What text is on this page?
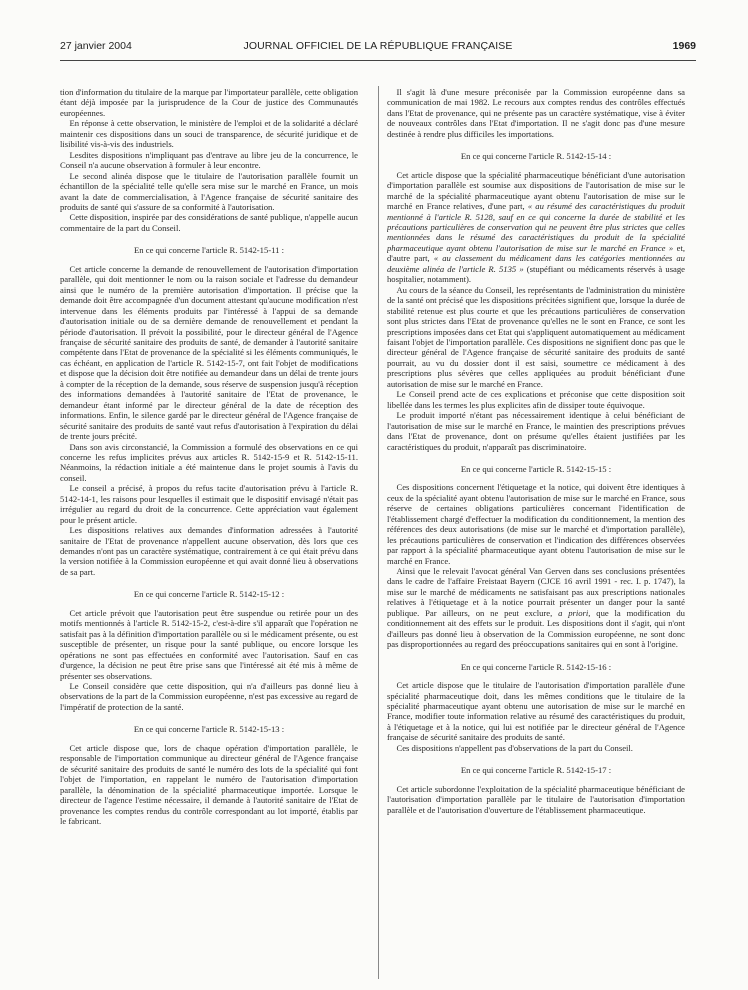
27 janvier 2004	JOURNAL OFFICIEL DE LA RÉPUBLIQUE FRANÇAISE	1969

tion d'information du titulaire de la marque par l'importateur parallèle, cette obligation étant déjà imposée par la jurisprudence de la Cour de justice des Communautés européennes.

En réponse à cette observation, le ministère de l'emploi et de la solidarité a déclaré maintenir ces dispositions dans un souci de transparence, de sécurité juridique et de lisibilité vis-à-vis des industriels.

Lesdites dispositions n'impliquant pas d'entrave au libre jeu de la concurrence, le Conseil n'a aucune observation à formuler à leur encontre.

Le second alinéa dispose que le titulaire de l'autorisation parallèle fournit un échantillon de la spécialité telle qu'elle sera mise sur le marché en France, un mois avant la date de commercialisation, à l'Agence française de sécurité sanitaire des produits de santé qui s'assure de sa conformité à l'autorisation.

Cette disposition, inspirée par des considérations de santé publique, n'appelle aucun commentaire de la part du Conseil.

En ce qui concerne l'article R. 5142-15-11 :

Cet article concerne la demande de renouvellement de l'autorisation d'importation parallèle, qui doit mentionner le nom ou la raison sociale et l'adresse du demandeur ainsi que le numéro de la première autorisation d'importation. Il précise que la demande doit être accompagnée d'un document attestant qu'aucune modification n'est intervenue dans les éléments produits par l'intéressé à l'appui de sa demande d'autorisation initiale ou de sa dernière demande de renouvellement et pendant la période d'autorisation. Il prévoit la possibilité, pour le directeur général de l'Agence française de sécurité sanitaire des produits de santé, de demander à l'autorité sanitaire compétente dans l'Etat de provenance de la spécialité si les éléments communiqués, le cas échéant, en application de l'article R. 5142-15-7, ont fait l'objet de modifications et dispose que la décision doit être notifiée au demandeur dans un délai de trente jours à compter de la réception de la demande, sous réserve de suspension jusqu'à réception des informations demandées à l'autorité sanitaire de l'Etat de provenance, le demandeur étant informé par le directeur général de la date de réception des informations. Enfin, le silence gardé par le directeur général de l'Agence française de sécurité sanitaire des produits de santé vaut refus d'autorisation à l'expiration du délai de trente jours précité.

Dans son avis circonstancié, la Commission a formulé des observations en ce qui concerne les refus implicites prévus aux articles R. 5142-15-9 et R. 5142-15-11. Néanmoins, la rédaction initiale a été maintenue dans le projet soumis à l'avis du conseil.

Le conseil a précisé, à propos du refus tacite d'autorisation prévu à l'article R. 5142-14-1, les raisons pour lesquelles il estimait que le dispositif envisagé n'était pas irrégulier au regard du droit de la concurrence. Cette appréciation vaut également pour le présent article.

Les dispositions relatives aux demandes d'information adressées à l'autorité sanitaire de l'Etat de provenance n'appellent aucune observation, dès lors que ces demandes n'ont pas un caractère systématique, contrairement à ce qui était prévu dans la version notifiée à la Commission européenne et qui avait donné lieu à observations de sa part.

En ce qui concerne l'article R. 5142-15-12 :

Cet article prévoit que l'autorisation peut être suspendue ou retirée pour un des motifs mentionnés à l'article R. 5142-15-2, c'est-à-dire s'il apparaît que l'opération ne satisfait pas à la définition d'importation parallèle ou si le médicament présente, ou est susceptible de présenter, un risque pour la santé publique, ou encore lorsque les opérations ne sont pas effectuées en conformité avec l'autorisation. Sauf en cas d'urgence, la décision ne peut être prise sans que l'intéressé ait été mis à même de présenter ses observations.

Le Conseil considère que cette disposition, qui n'a d'ailleurs pas donné lieu à observations de la part de la Commission européenne, n'est pas excessive au regard de l'impératif de protection de la santé.

En ce qui concerne l'article R. 5142-15-13 :

Cet article dispose que, lors de chaque opération d'importation parallèle, le responsable de l'importation communique au directeur général de l'Agence française de sécurité sanitaire des produits de santé le numéro des lots de la spécialité qui font l'objet de l'importation, en rappelant le numéro de l'autorisation d'importation parallèle, la dénomination de la spécialité pharmaceutique importée. Lorsque le directeur de l'agence l'estime nécessaire, il demande à l'autorité sanitaire de l'Etat de provenance les comptes rendus du contrôle correspondant au lot importé, établis par le fabricant.

Il s'agit là d'une mesure préconisée par la Commission européenne dans sa communication de mai 1982. Le recours aux comptes rendus des contrôles effectués dans l'Etat de provenance, qui ne présente pas un caractère systématique, vise à éviter de nouveaux contrôles dans l'Etat d'importation. Il ne s'agit donc pas d'une mesure destinée à rendre plus difficiles les importations.

En ce qui concerne l'article R. 5142-15-14 :

Cet article dispose que la spécialité pharmaceutique bénéficiant d'une autorisation d'importation parallèle est soumise aux dispositions de l'autorisation de mise sur le marché de la spécialité pharmaceutique ayant obtenu l'autorisation de mise sur le marché en France relatives, d'une part, « au résumé des caractéristiques du produit mentionné à l'article R. 5128, sauf en ce qui concerne la durée de stabilité et les précautions particulières de conservation qui ne peuvent être plus strictes que celles mentionnées dans le résumé des caractéristiques du produit de la spécialité pharmaceutique ayant obtenu l'autorisation de mise sur le marché en France » et, d'autre part, « au classement du médicament dans les catégories mentionnées au deuxième alinéa de l'article R. 5135 » (stupéfiant ou médicaments réservés à usage hospitalier, notamment).

Au cours de la séance du Conseil, les représentants de l'administration du ministère de la santé ont précisé que les dispositions précitées signifient que, lorsque la durée de stabilité retenue est plus courte et que les précautions particulières de conservation sont plus strictes dans l'Etat de provenance qu'elles ne le sont en France, ce sont les prescriptions imposées dans cet Etat qui s'appliquent automatiquement au médicament faisant l'objet de l'importation parallèle. Ces dispositions ne signifient donc pas que le directeur général de l'Agence française de sécurité sanitaire des produits de santé pourrait, au vu du dossier dont il est saisi, soumettre ce médicament à des prescriptions plus sévères que celles appliquées au produit bénéficiant d'une autorisation de mise sur le marché en France.

Le Conseil prend acte de ces explications et préconise que cette disposition soit libellée dans les termes les plus explicites afin de dissiper toute équivoque.

Le produit importé n'étant pas nécessairement identique à celui bénéficiant de l'autorisation de mise sur le marché en France, le maintien des prescriptions prévues dans l'Etat de provenance, dont on présume qu'elles étaient justifiées par les caractéristiques du produit, n'apparaît pas discriminatoire.

En ce qui concerne l'article R. 5142-15-15 :

Ces dispositions concernent l'étiquetage et la notice, qui doivent être identiques à ceux de la spécialité ayant obtenu l'autorisation de mise sur le marché en France, sous réserve de certaines obligations particulières concernant l'identification de l'établissement chargé d'effectuer la modification du conditionnement, la mention des références des deux autorisations (de mise sur le marché et d'importation parallèle), les précautions particulières de conservation et l'indication des différences observées par rapport à la spécialité pharmaceutique ayant obtenu l'autorisation de mise sur le marché en France.

Ainsi que le relevait l'avocat général Van Gerven dans ses conclusions présentées dans le cadre de l'affaire Freistaat Bayern (CJCE 16 avril 1991 - rec. I. p. 1747), la mise sur le marché de médicaments ne satisfaisant pas aux prescriptions nationales relatives à l'étiquetage et à la notice pourrait présenter un danger pour la santé publique. Par ailleurs, on ne peut exclure, a priori, que la modification du conditionnement ait des effets sur le produit. Les dispositions dont il s'agit, qui n'ont d'ailleurs pas donné lieu à observation de la Commission européenne, ne sont donc pas disproportionnées au regard des préoccupations sanitaires qui en sont à l'origine.

En ce qui concerne l'article R. 5142-15-16 :

Cet article dispose que le titulaire de l'autorisation d'importation parallèle d'une spécialité pharmaceutique doit, dans les mêmes conditions que le titulaire de la spécialité pharmaceutique ayant obtenu une autorisation de mise sur le marché en France, modifier toute information relative au résumé des caractéristiques du produit, à l'étiquetage et à la notice, qui lui est notifiée par le directeur général de l'Agence française de sécurité sanitaire des produits de santé.

Ces dispositions n'appellent pas d'observations de la part du Conseil.

En ce qui concerne l'article R. 5142-15-17 :

Cet article subordonne l'exploitation de la spécialité pharmaceutique bénéficiant de l'autorisation d'importation parallèle par le titulaire de l'autorisation d'importation parallèle et de l'autorisation d'ouverture de l'établissement pharmaceutique.
